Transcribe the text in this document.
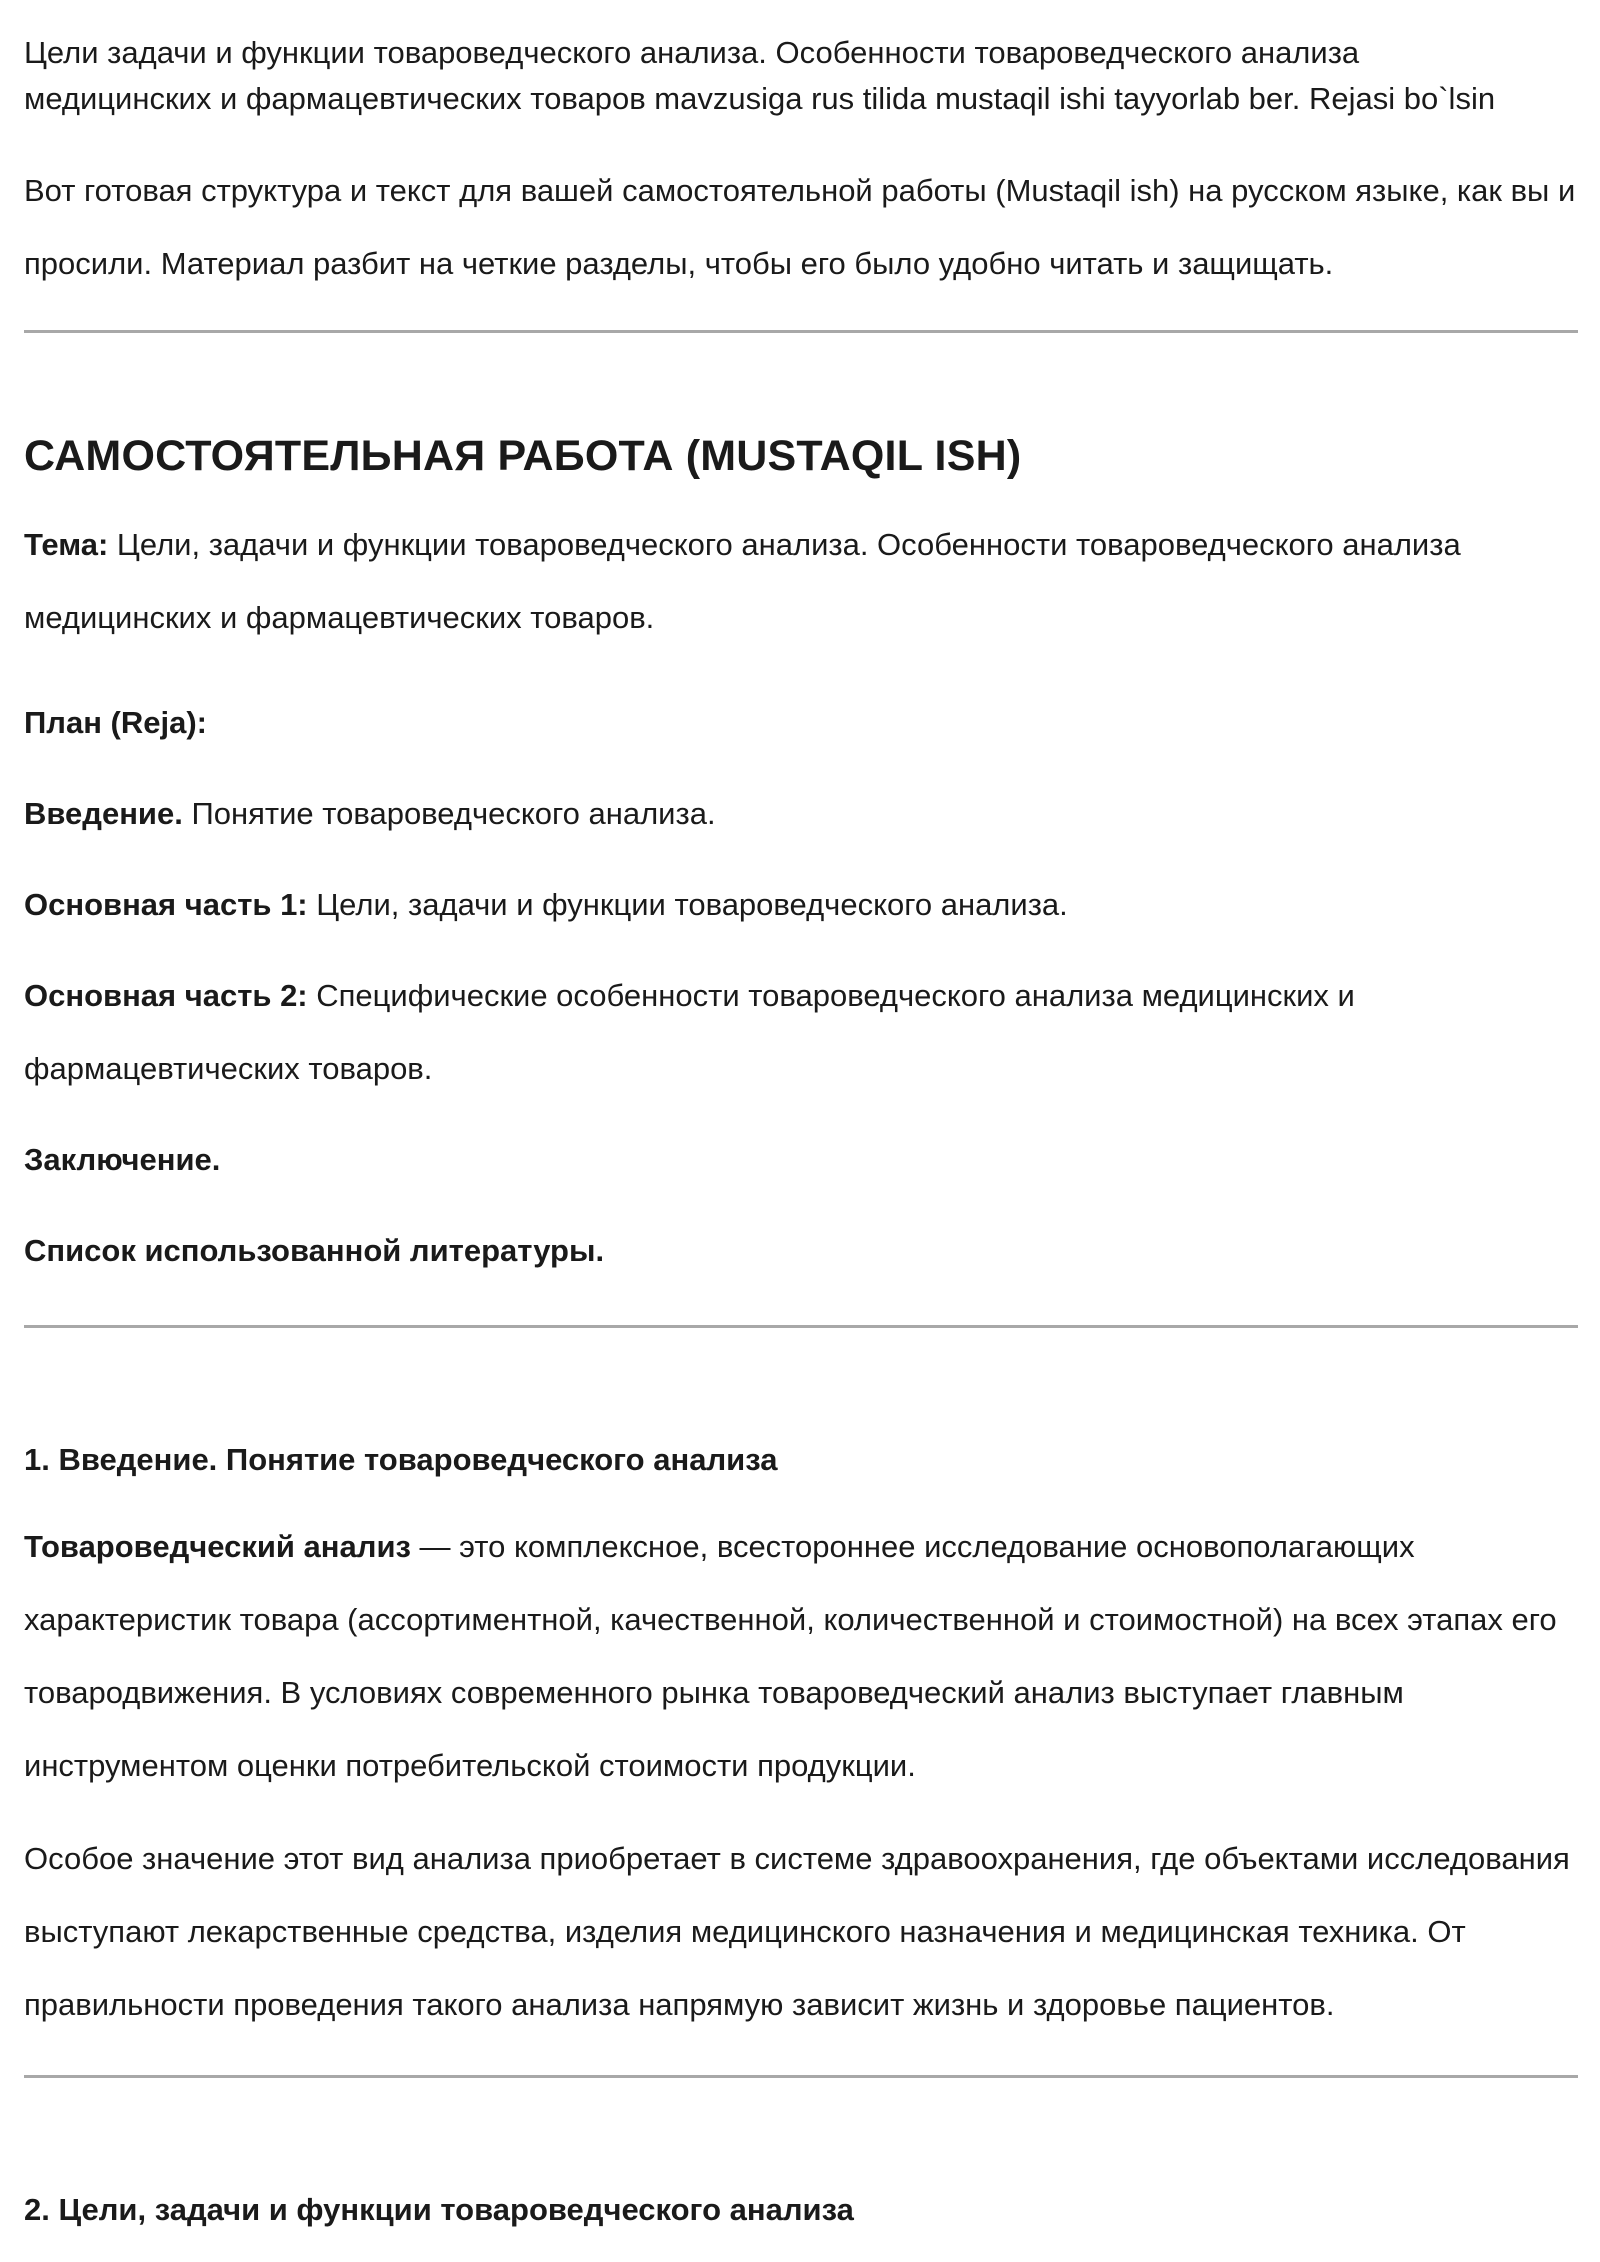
Цели задачи и функции товароведческого анализа. Особенности товароведческого анализа
медицинских и фармацевтических товаров mavzusiga rus tilida mustaqil ishi tayyorlab ber. Rejasi bo`lsin

Вот готовая структура и текст для вашей самостоятельной работы (Mustaqil ish) на русском языке, как вы и просили. Материал разбит на четкие разделы, чтобы его было удобно читать и защищать.

САМОСТОЯТЕЛЬНАЯ РАБОТА (MUSTAQIL ISH)

Тема: Цели, задачи и функции товароведческого анализа. Особенности товароведческого анализа медицинских и фармацевтических товаров.

План (Reja):

Введение. Понятие товароведческого анализа.

Основная часть 1: Цели, задачи и функции товароведческого анализа.

Основная часть 2: Специфические особенности товароведческого анализа медицинских и фармацевтических товаров.

Заключение.

Список использованной литературы.

1. Введение. Понятие товароведческого анализа

Товароведческий анализ — это комплексное, всестороннее исследование основополагающих характеристик товара (ассортиментной, качественной, количественной и стоимостной) на всех этапах его товародвижения. В условиях современного рынка товароведческий анализ выступает главным инструментом оценки потребительской стоимости продукции.

Особое значение этот вид анализа приобретает в системе здравоохранения, где объектами исследования выступают лекарственные средства, изделия медицинского назначения и медицинская техника. От правильности проведения такого анализа напрямую зависит жизнь и здоровье пациентов.

2. Цели, задачи и функции товароведческого анализа
